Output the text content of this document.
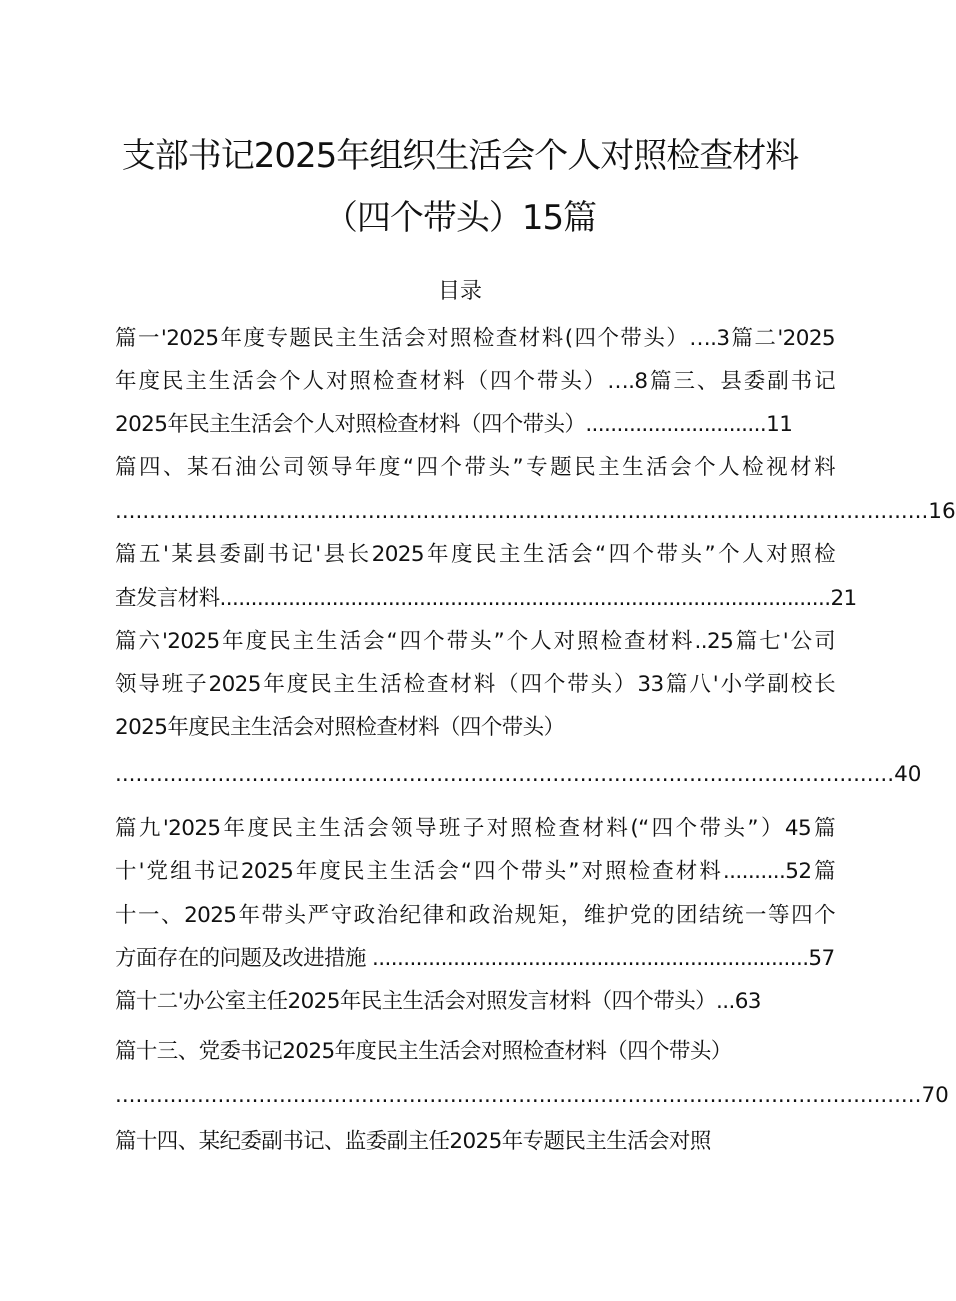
支部书记2025年组织生活会个人对照检查材料
（四个带头）15篇
目录
篇一'2025年度专题民主生活会对照检查材料(四个带头）….3篇二'2025
年度民主生活会个人对照检查材料（四个带头）….8篇三、县委副书记
2025年民主生活会个人对照检查材料（四个带头）.............................11
篇四、某石油公司领导年度“四个带头”专题民主生活会个人检视材料
.......................................................................................................................16
篇五'某县委副书记'县长2025年度民主生活会“四个带头”个人对照检
查发言材料..................................................................................................21
篇六'2025年度民主生活会“四个带头”个人对照检查材料..25篇七'公司
领导班子2025年度民主生活检查材料（四个带头）33篇八'小学副校长
2025年度民主生活会对照检查材料（四个带头）
..................................................................................................................40
篇九'2025年度民主生活会领导班子对照检查材料(“四个带头”）45篇
十'党组书记2025年度民主生活会“四个带头”对照检查材料..........52篇
十一、2025年带头严守政治纪律和政治规矩，维护党的团结统一等四个
方面存在的问题及改进措施 ......................................................................57
篇十二'办公室主任2025年民主生活会对照发言材料（四个带头）...63
篇十三、党委书记2025年度民主生活会对照检查材料（四个带头）
......................................................................................................................70
篇十四、某纪委副书记、监委副主任2025年专题民主生活会对照
